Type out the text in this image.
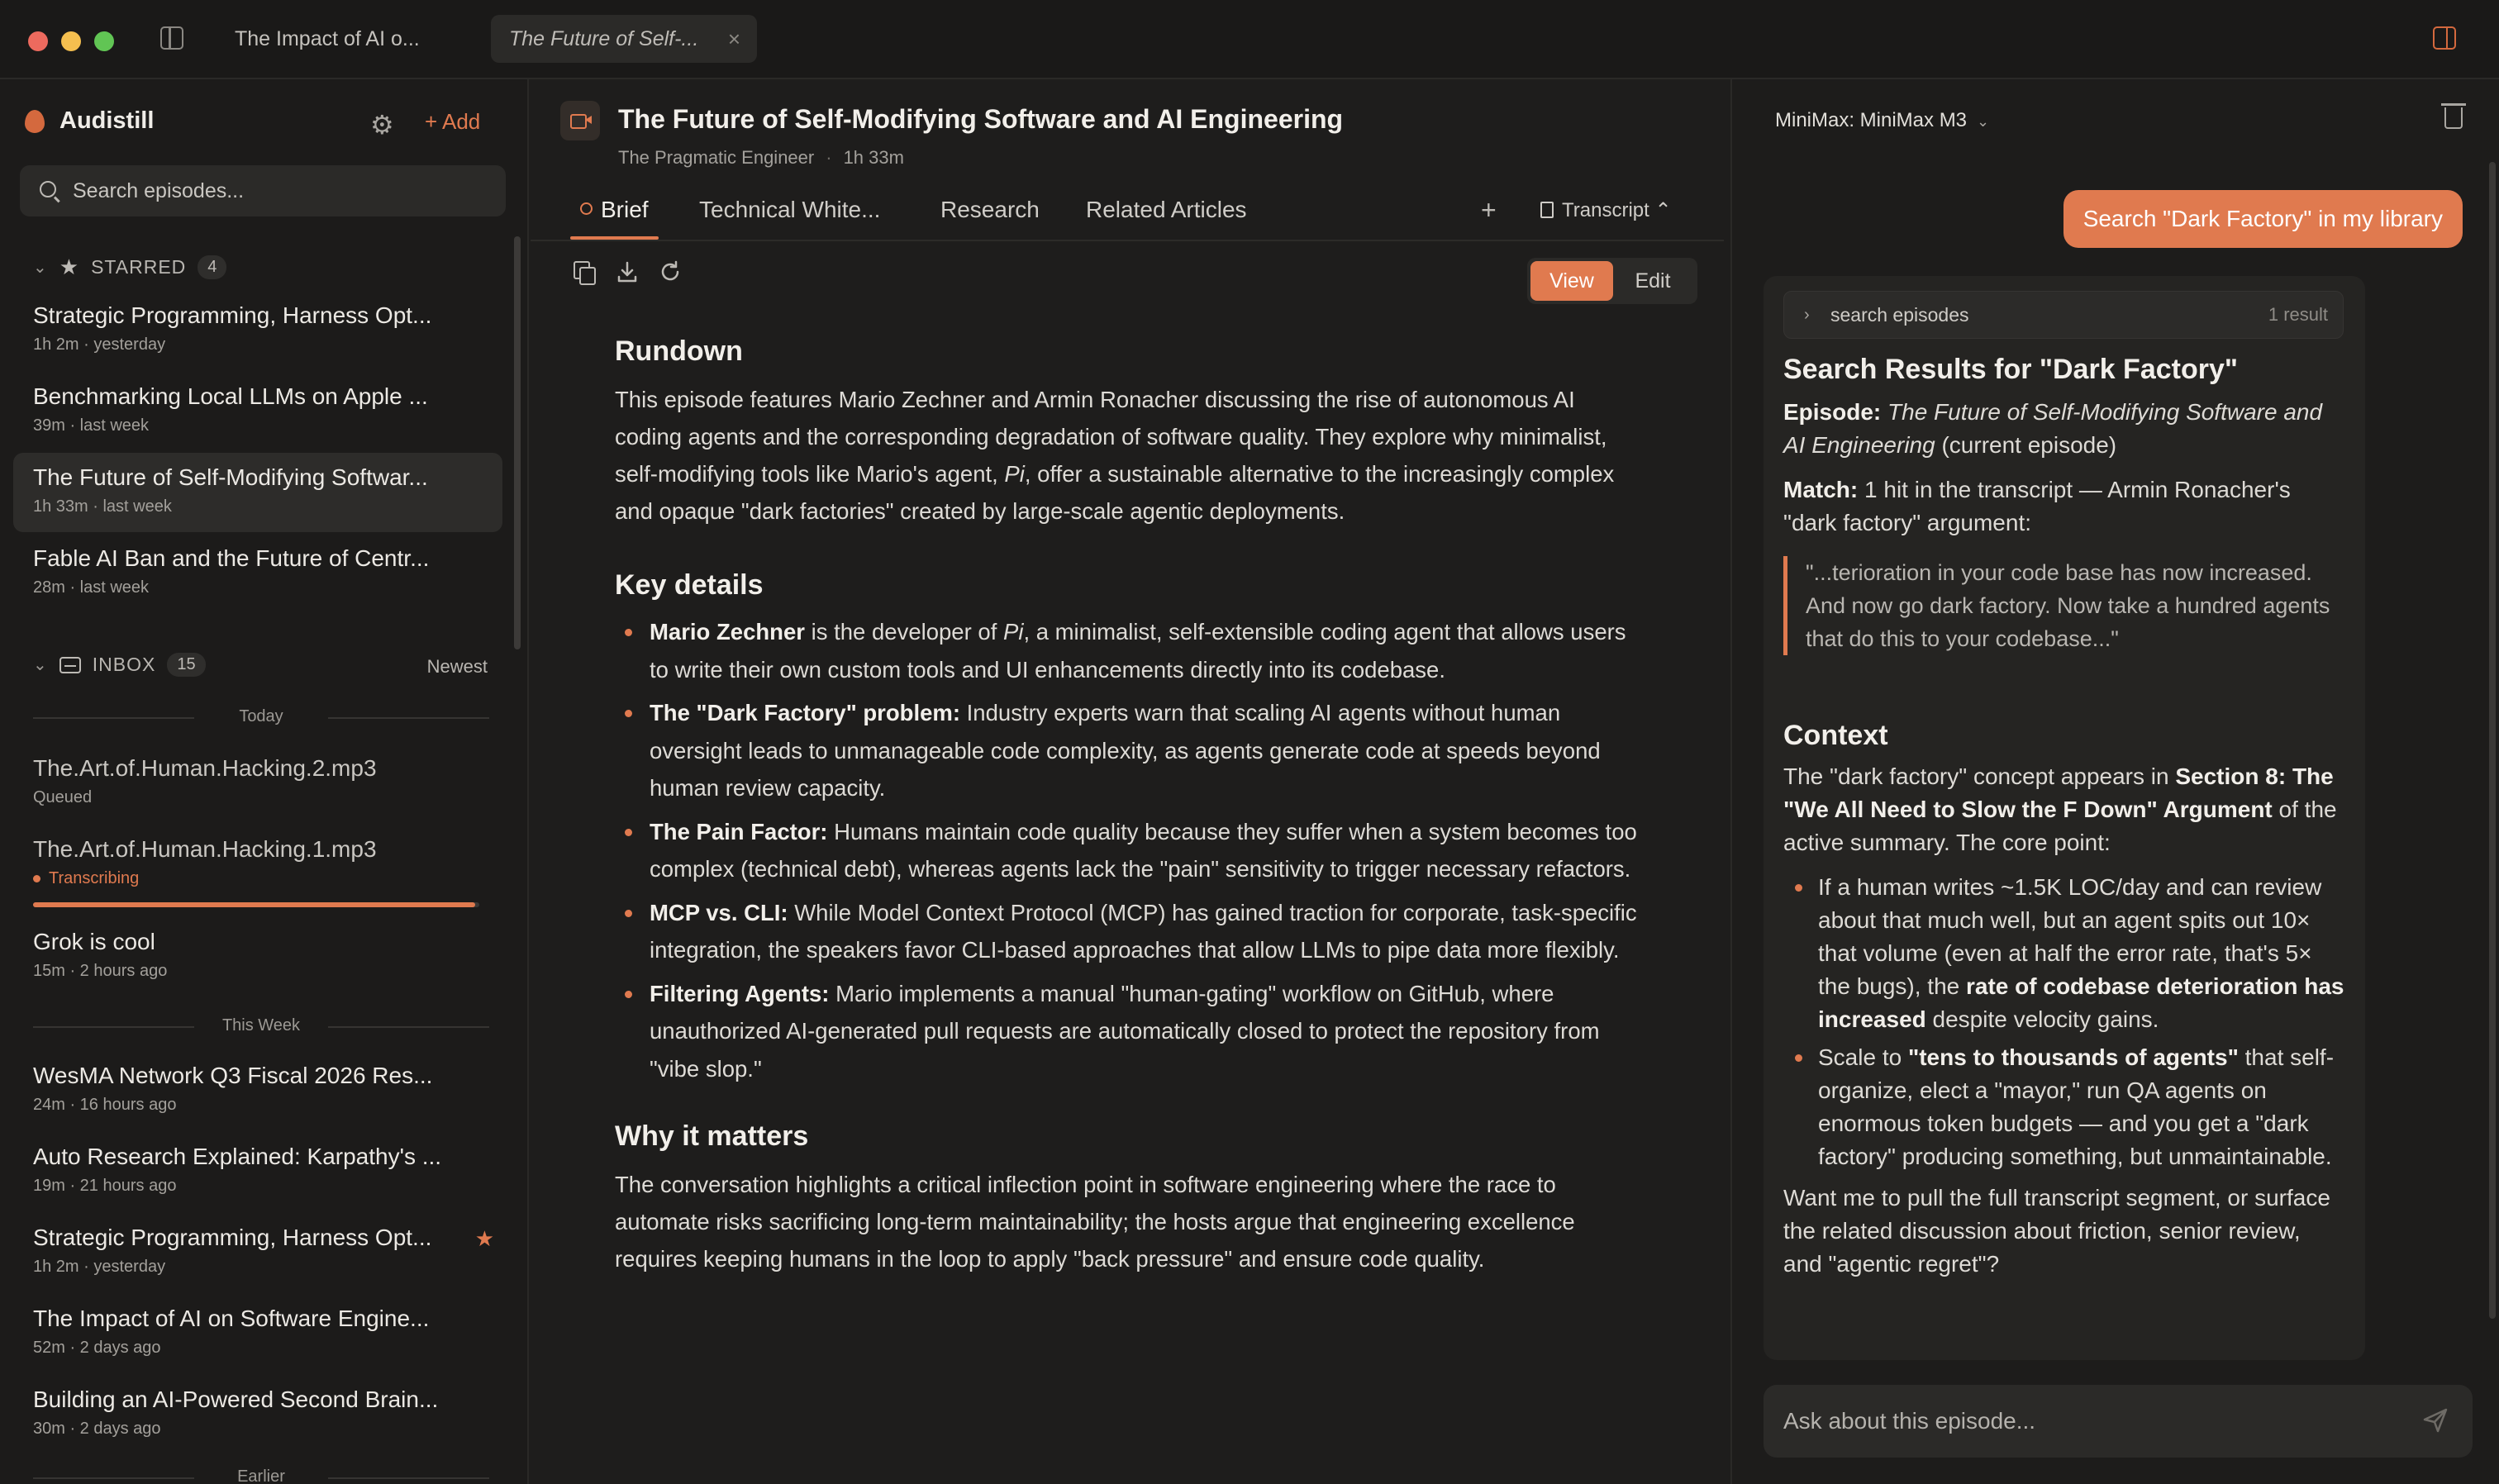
The Impact of AI o...	The Future of Self-... ×
Audistill	⚙ + Add
Search episodes...
⌄ ★ STARRED	4
Strategic Programming, Harness Opt...
1h 2m · yesterday
Benchmarking Local LLMs on Apple ...
39m · last week
The Future of Self-Modifying Softwar...
1h 33m · last week
Fable AI Ban and the Future of Centr...
28m · last week
⌄ INBOX	15	Newest
Today
The.Art.of.Human.Hacking.2.mp3
Queued
The.Art.of.Human.Hacking.1.mp3
Transcribing
Grok is cool
15m · 2 hours ago
This Week
WesMA Network Q3 Fiscal 2026 Res...
24m · 16 hours ago
Auto Research Explained: Karpathy's ...
19m · 21 hours ago
Strategic Programming, Harness Opt...
1h 2m · yesterday
★
The Impact of AI on Software Engine...
52m · 2 days ago
Building an AI-Powered Second Brain...
30m · 2 days ago
Earlier
The Future of Self-Modifying Software and AI Engineering
The Pragmatic Engineer · 1h 33m
Brief Technical White...	Research Related Articles	+	Transcript ⌃
View	Edit
Rundown

This episode features Mario Zechner and Armin Ronacher discussing the rise of autonomous AI coding agents and the corresponding degradation of software quality. They explore why minimalist, self-modifying tools like Mario's agent, Pi, offer a sustainable alternative to the increasingly complex and opaque "dark factories" created by large-scale agentic deployments.

Key details
Mario Zechner is the developer of Pi, a minimalist, self-extensible coding agent that allows users to write their own custom tools and UI enhancements directly into its codebase.
The "Dark Factory" problem: Industry experts warn that scaling AI agents without human oversight leads to unmanageable code complexity, as agents generate code at speeds beyond human review capacity.
The Pain Factor: Humans maintain code quality because they suffer when a system becomes too complex (technical debt), whereas agents lack the "pain" sensitivity to trigger necessary refactors.
MCP vs. CLI: While Model Context Protocol (MCP) has gained traction for corporate, task-specific integration, the speakers favor CLI-based approaches that allow LLMs to pipe data more flexibly.
Filtering Agents: Mario implements a manual "human-gating" workflow on GitHub, where unauthorized AI-generated pull requests are automatically closed to protect the repository from "vibe slop."
Why it matters

The conversation highlights a critical inflection point in software engineering where the race to automate risks sacrificing long-term maintainability; the hosts argue that engineering excellence requires keeping humans in the loop to apply "back pressure" and ensure code quality.

MiniMax: MiniMax M3 ⌄
Search "Dark Factory" in my library
› search episodes	1 result
Search Results for "Dark Factory"

Episode: The Future of Self-Modifying Software and AI Engineering (current episode)

Match: 1 hit in the transcript — Armin Ronacher's "dark factory" argument:

"...terioration in your code base has now increased. And now go dark factory. Now take a hundred agents that do this to your codebase..."
Context

The "dark factory" concept appears in Section 8: The "We All Need to Slow the F Down" Argument of the active summary. The core point:

If a human writes ~1.5K LOC/day and can review about that much well, but an agent spits out 10× that volume (even at half the error rate, that's 5× the bugs), the rate of codebase deterioration has increased despite velocity gains.
Scale to "tens to thousands of agents" that self-organize, elect a "mayor," run QA agents on enormous token budgets — and you get a "dark factory" producing something, but unmaintainable.

Want me to pull the full transcript segment, or surface the related discussion about friction, senior review, and "agentic regret"?

Ask about this episode...
